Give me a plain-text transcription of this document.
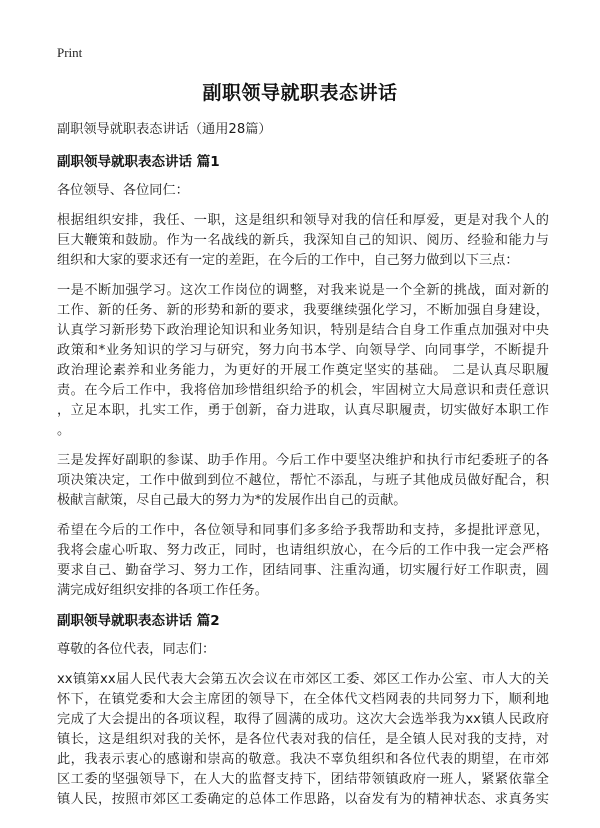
Print
副职领导就职表态讲话
副职领导就职表态讲话（通用28篇）
副职领导就职表态讲话 篇1
各位领导、各位同仁：
根据组织安排，我任、一职，这是组织和领导对我的信任和厚爱，更是对我个人的
巨大鞭策和鼓励。作为一名战线的新兵，我深知自己的知识、阅历、经验和能力与
组织和大家的要求还有一定的差距，在今后的工作中，自己努力做到以下三点：
一是不断加强学习。这次工作岗位的调整，对我来说是一个全新的挑战，面对新的
工作、新的任务、新的形势和新的要求，我要继续强化学习，不断加强自身建设，
认真学习新形势下政治理论知识和业务知识，特别是结合自身工作重点加强对中央
政策和*业务知识的学习与研究，努力向书本学、向领导学、向同事学，不断提升
政治理论素养和业务能力，为更好的开展工作奠定坚实的基础。 二是认真尽职履
责。在今后工作中，我将倍加珍惜组织给予的机会，牢固树立大局意识和责任意识
，立足本职，扎实工作，勇于创新，奋力进取，认真尽职履责，切实做好本职工作
。
三是发挥好副职的参谋、助手作用。今后工作中要坚决维护和执行市纪委班子的各
项决策决定，工作中做到到位不越位，帮忙不添乱，与班子其他成员做好配合，积
极献言献策，尽自己最大的努力为*的发展作出自己的贡献。
希望在今后的工作中，各位领导和同事们多多给予我帮助和支持，多提批评意见，
我将会虚心听取、努力改正，同时，也请组织放心，在今后的工作中我一定会严格
要求自己、勤奋学习、努力工作，团结同事、注重沟通，切实履行好工作职责，圆
满完成好组织安排的各项工作任务。
副职领导就职表态讲话 篇2
尊敬的各位代表，同志们：
xx镇第xx届人民代表大会第五次会议在市郊区工委、郊区工作办公室、市人大的关
怀下，在镇党委和大会主席团的领导下，在全体代文档网表的共同努力下，顺利地
完成了大会提出的各项议程，取得了圆满的成功。这次大会选举我为xx镇人民政府
镇长，这是组织对我的关怀，是各位代表对我的信任，是全镇人民对我的支持，对
此，我表示衷心的感谢和崇高的敬意。我决不辜负组织和各位代表的期望，在市郊
区工委的坚强领导下，在人大的监督支持下，团结带领镇政府一班人，紧紧依靠全
镇人民，按照市郊区工委确定的总体工作思路，以奋发有为的精神状态、求真务实
